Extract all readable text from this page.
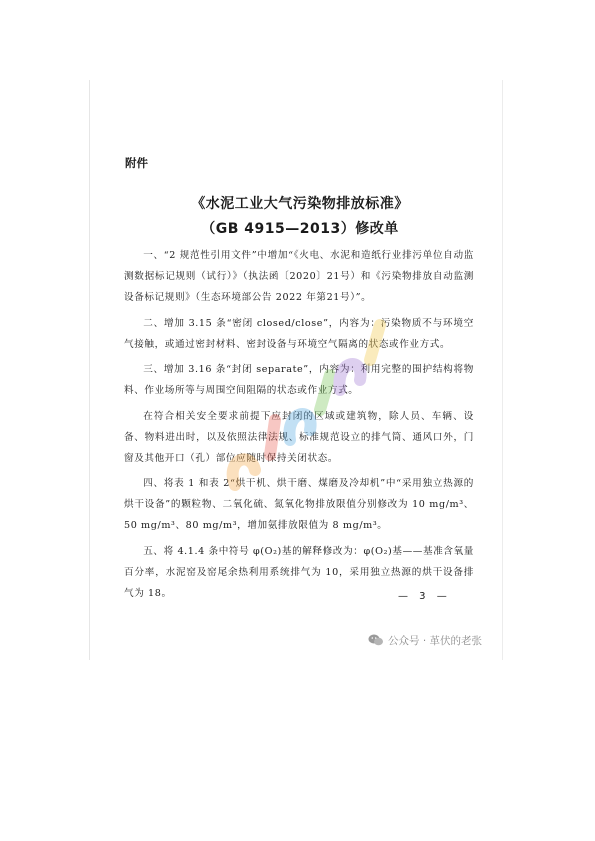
附件
《水泥工业大气污染物排放标准》
（GB 4915—2013）修改单

一、“2 规范性引用文件”中增加“《火电、水泥和造纸行业排污单位自动监测数据标记规则（试行）》（执法函〔2020〕21号）和《污染物排放自动监测设备标记规则》（生态环境部公告 2022 年第21号）”。

二、增加 3.15 条“密闭 closed/close”，内容为：污染物质不与环境空气接触，或通过密封材料、密封设备与环境空气隔离的状态或作业方式。

三、增加 3.16 条“封闭 separate”，内容为：利用完整的围护结构将物料、作业场所等与周围空间阻隔的状态或作业方式。

在符合相关安全要求前提下应封闭的区域或建筑物，除人员、车辆、设备、物料进出时，以及依照法律法规、标准规范设立的排气筒、通风口外，门窗及其他开口（孔）部位应随时保持关闭状态。

四、将表 1 和表 2“烘干机、烘干磨、煤磨及冷却机”中“采用独立热源的烘干设备”的颗粒物、二氧化硫、氮氧化物排放限值分别修改为 10 mg/m³、50 mg/m³、80 mg/m³，增加氨排放限值为 8 mg/m³。

五、将 4.1.4 条中符号 φ(O₂)基的解释修改为：φ(O₂)基——基准含氧量百分率，水泥窑及窑尾余热利用系统排气为 10，采用独立热源的烘干设备排气为 18。	— 3 —
公众号 · 革伏的老张
